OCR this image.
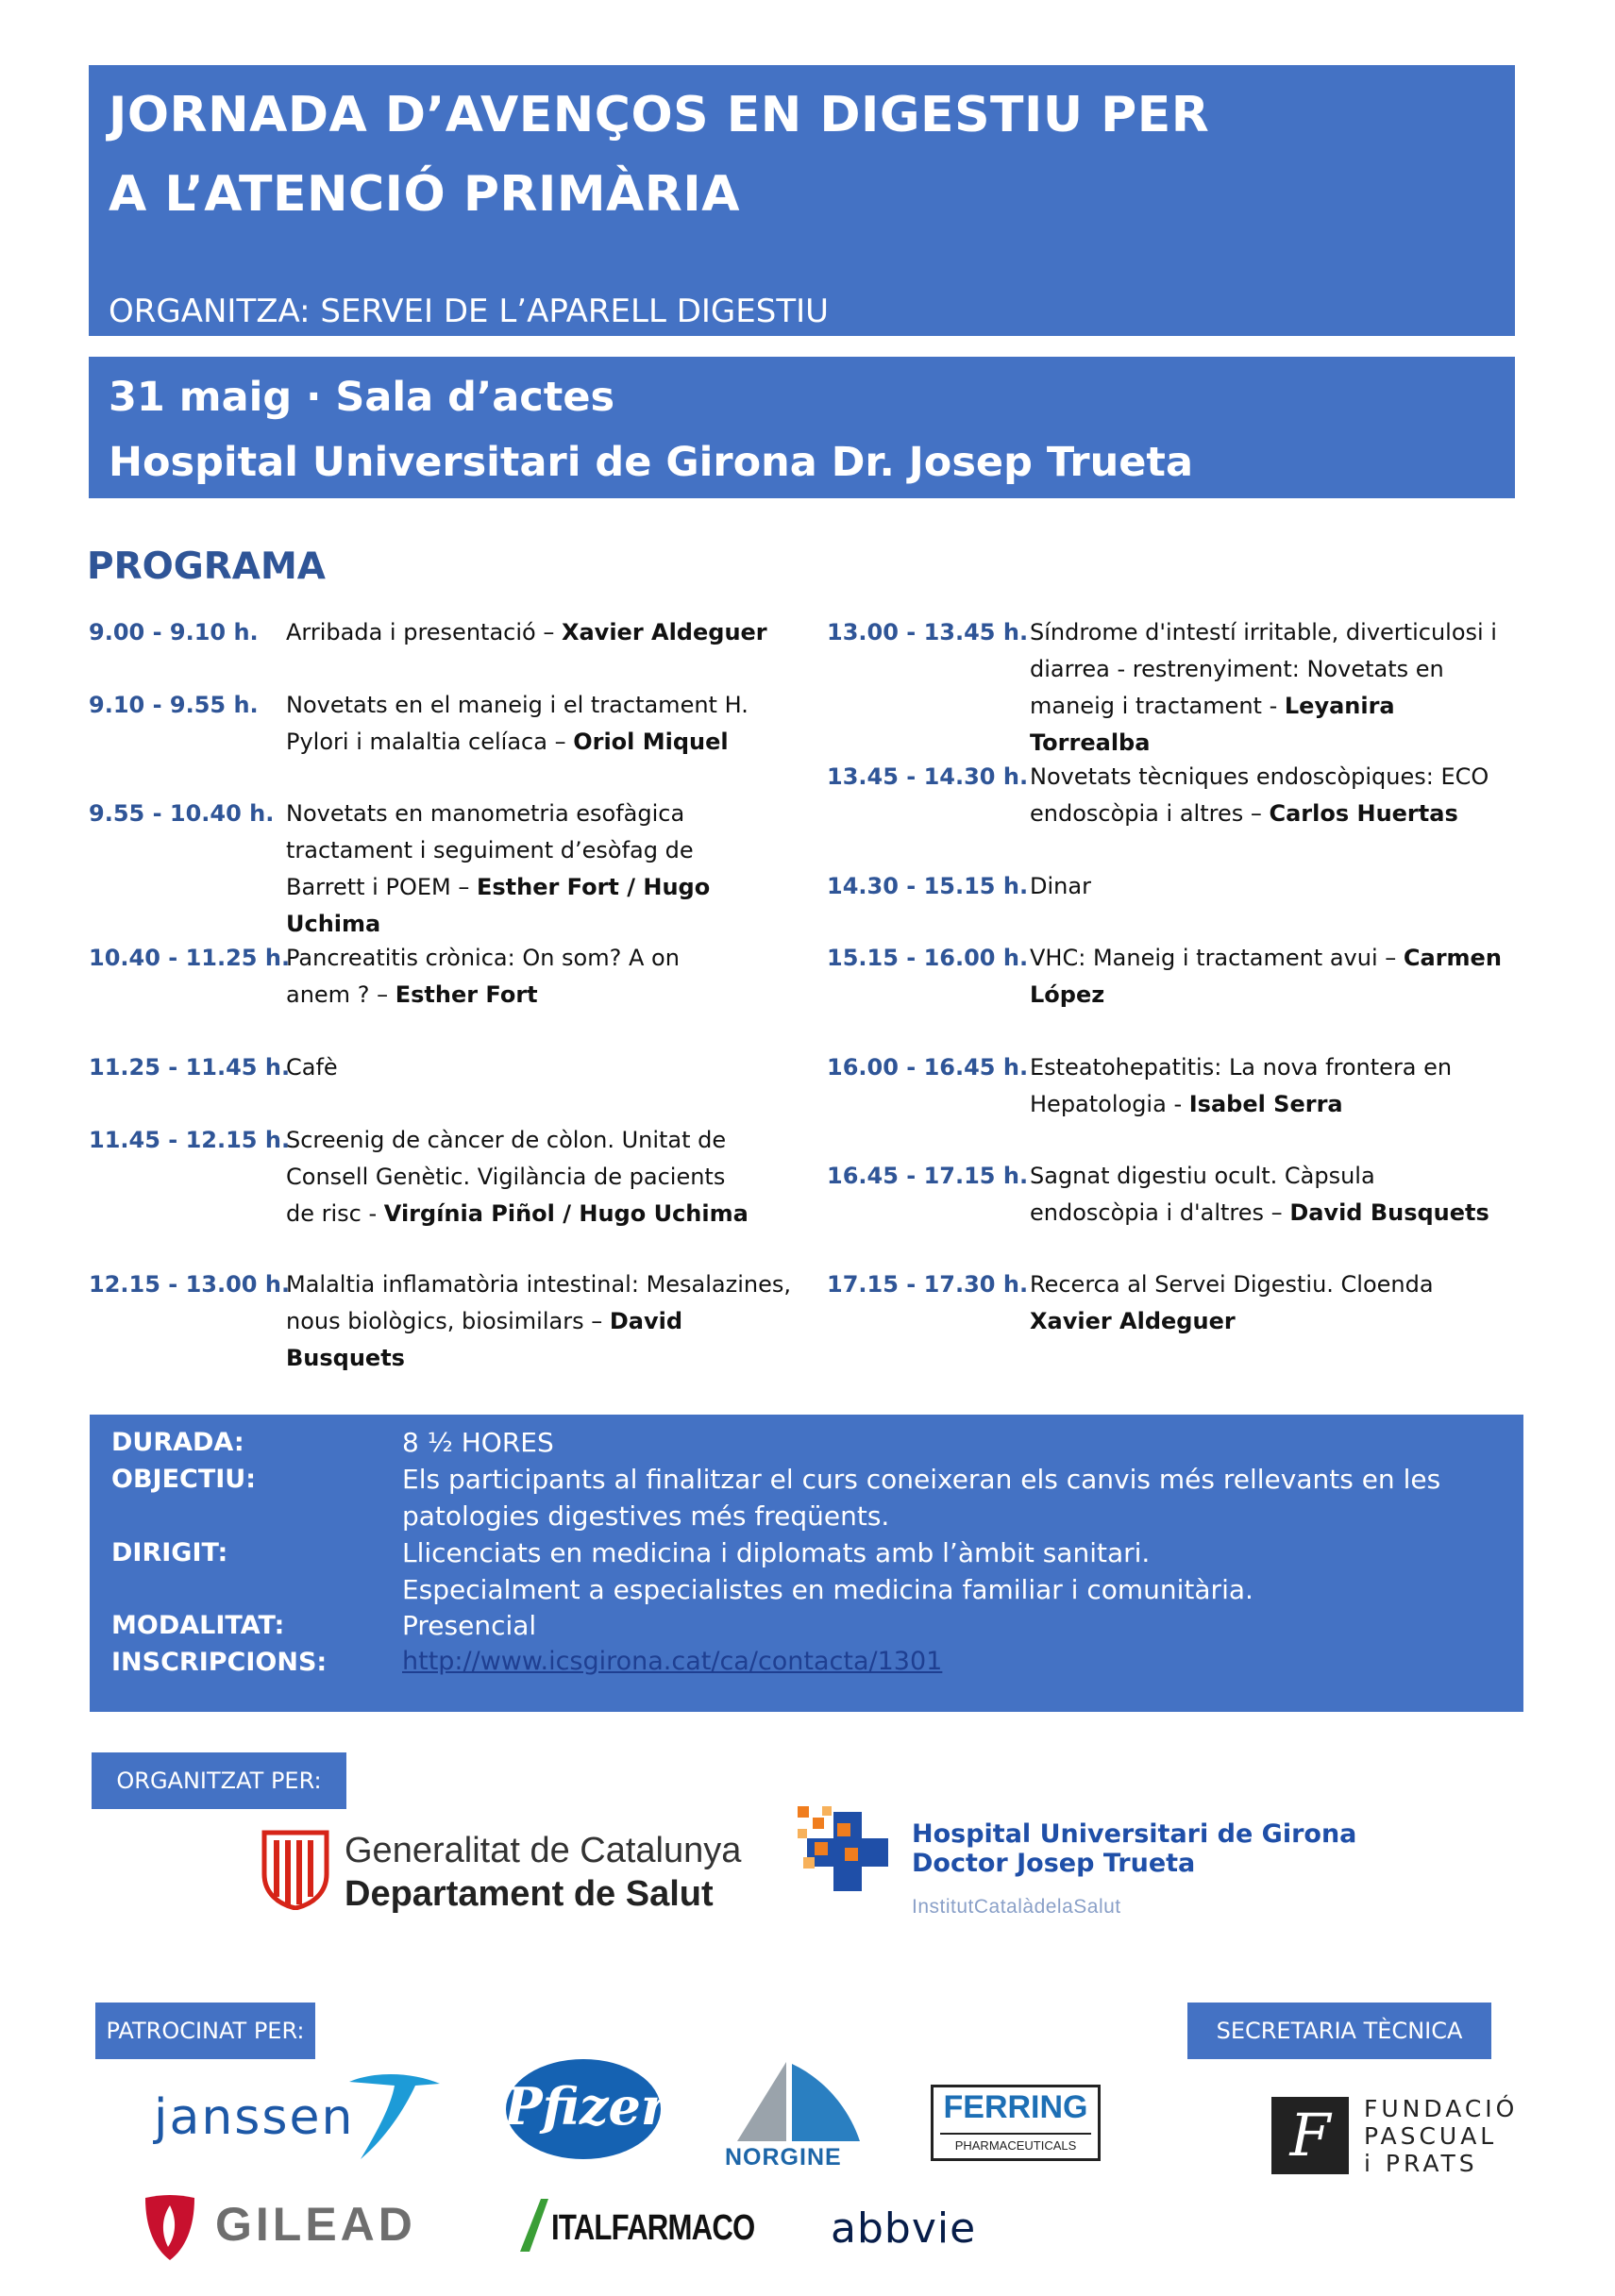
JORNADA D’AVENÇOS EN DIGESTIU PER
A L’ATENCIÓ PRIMÀRIA
ORGANITZA: SERVEI DE L’APARELL DIGESTIU
31 maig · Sala d’actes
Hospital Universitari de Girona Dr. Josep Trueta
PROGRAMA
9.00 - 9.10 h. Arribada i presentació – Xavier Aldeguer
9.10 - 9.55 h. Novetats en el maneig i el tractament H. Pylori i malaltia celíaca – Oriol Miquel
9.55 - 10.40 h. Novetats en manometria esofàgica tractament i seguiment d’esòfag de Barrett i POEM – Esther Fort / Hugo Uchima
10.40 - 11.25 h.
Pancreatitis crònica: On som? A on anem ? – Esther Fort
11.25 - 11.45 h.
Cafè
11.45 - 12.15 h.
Screenig de càncer de còlon. Unitat de Consell Genètic. Vigilància de pacients de risc - Virgínia Piñol / Hugo Uchima
12.15 - 13.00 h.
Malaltia inflamatòria intestinal: Mesalazines, nous biològics, biosimilars – David Busquets
13.00 - 13.45 h. Síndrome d'intestí irritable, diverticulosi i diarrea - restrenyiment: Novetats en maneig i tractament - Leyanira Torrealba
13.45 - 14.30 h. Novetats tècniques endoscòpiques: ECO endoscòpia i altres – Carlos Huertas
14.30 - 15.15 h. Dinar
15.15 - 16.00 h. VHC: Maneig i tractament avui – Carmen López
16.00 - 16.45 h. Esteatohepatitis: La nova frontera en Hepatologia - Isabel Serra
16.45 - 17.15 h. Sagnat digestiu ocult. Càpsula endoscòpia i d'altres – David Busquets
17.15 - 17.30 h. Recerca al Servei Digestiu. Cloenda
Xavier Aldeguer
DURADA:	8 ½ HORES
OBJECTIU:	Els participants al finalitzar el curs coneixeran els canvis més rellevants en les patologies digestives més freqüents.
DIRIGIT:	Llicenciats en medicina i diplomats amb l’àmbit sanitari.
Especialment a especialistes en medicina familiar i comunitària.
MODALITAT:	Presencial
INSCRIPCIONS:	http://www.icsgirona.cat/ca/contacta/1301
ORGANITZAT PER:
Generalitat de Catalunya
Departament de Salut
Hospital Universitari de Girona
Doctor Josep Trueta
InstitutCatalàdelaSalut
PATROCINAT PER:	SECRETARIA TÈCNICA
janssen	Pfizer
NORGINE
FERRING
PHARMACEUTICALS	F	FUNDACIÓ
PASCUAL
i PRATS
GILEAD	ITALFARMACO abbvie
